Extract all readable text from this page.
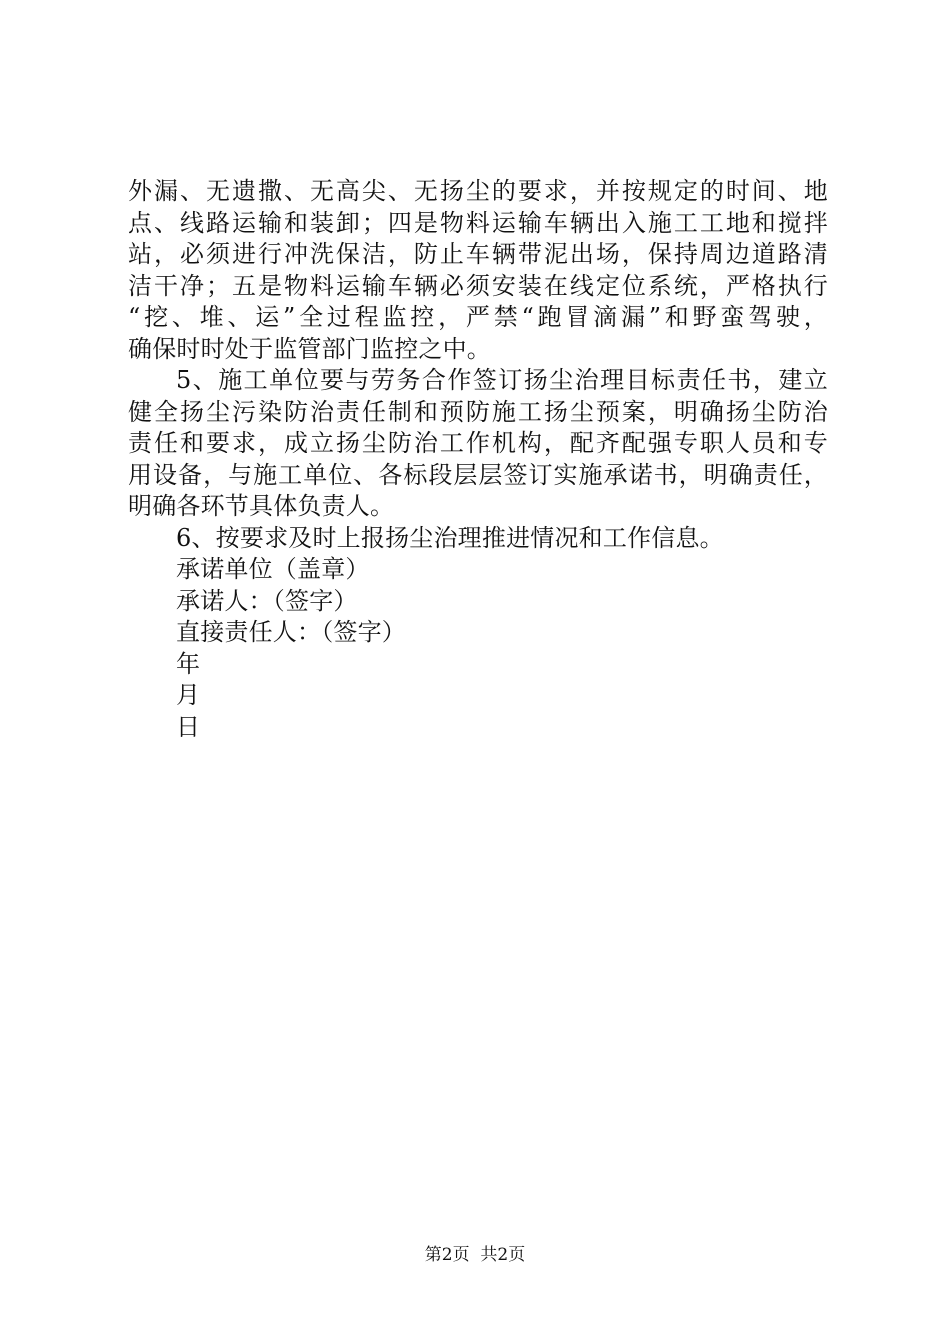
外漏、无遗撒、无高尖、无扬尘的要求，并按规定的时间、地
点、线路运输和装卸；四是物料运输车辆出入施工工地和搅拌
站，必须进行冲洗保洁，防止车辆带泥出场，保持周边道路清
洁干净；五是物料运输车辆必须安装在线定位系统，严格执行
“挖、堆、运”全过程监控，严禁“跑冒滴漏”和野蛮驾驶，
确保时时处于监管部门监控之中。
5、施工单位要与劳务合作签订扬尘治理目标责任书，建立
健全扬尘污染防治责任制和预防施工扬尘预案，明确扬尘防治
责任和要求，成立扬尘防治工作机构，配齐配强专职人员和专
用设备，与施工单位、各标段层层签订实施承诺书，明确责任，
明确各环节具体负责人。
6、按要求及时上报扬尘治理推进情况和工作信息。
承诺单位（盖章）
承诺人：（签字）
直接责任人：（签字）
年
月
日
第2页 共2页
